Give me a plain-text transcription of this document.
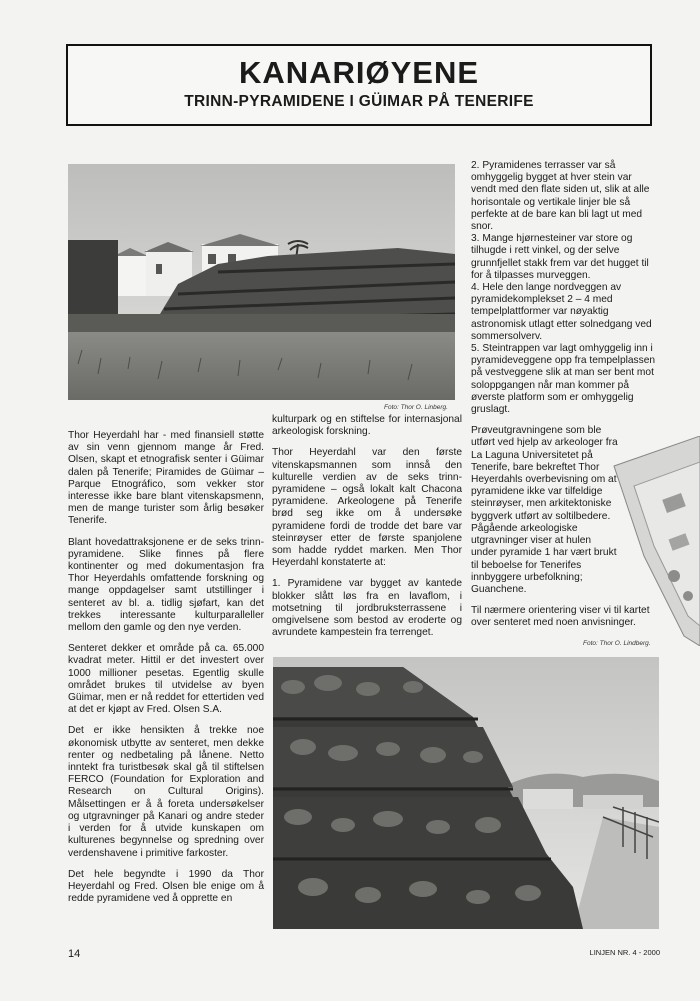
KANARIØYENE
TRINN-PYRAMIDENE I GÜIMAR PÅ TENERIFE
Foto: Thor O. Linberg.

Thor Heyerdahl har - med finansiell støtte av sin venn gjennom mange år Fred. Olsen, skapt et etnografisk senter i Güimar dalen på Tenerife; Piramides de Güimar – Parque Etnográfico, som vekker stor interesse ikke bare blant vitenskapsmenn, men de mange turister som årlig besøker Tenerife.

Blant hovedattraksjonene er de seks trinn-pyramidene. Slike finnes på flere kontinenter og med dokumentasjon fra Thor Heyerdahls omfattende forskning og mange oppdagelser samt utstillinger i senteret av bl. a. tidlig sjøfart, kan det trekkes interessante kulturparalleller mellom den gamle og den nye verden.

Senteret dekker et område på ca. 65.000 kvadrat meter. Hittil er det investert over 1000 millioner pesetas. Egentlig skulle området brukes til utvidelse av byen Güimar, men er nå reddet for ettertiden ved at det er kjøpt av Fred. Olsen S.A.

Det er ikke hensikten å trekke noe økonomisk utbytte av senteret, men dekke renter og nedbetaling på lånene. Netto inntekt fra turistbesøk skal gå til stiftelsen FERCO (Foundation for Exploration and Research on Cultural Origins). Målsettingen er å å foreta undersøkelser og utgravninger på Kanari og andre steder i verden for å utvide kunskapen om kulturenes begynnelse og spredning over verdenshavene i primitive farkoster.

Det hele begyndte i 1990 da Thor Heyerdahl og Fred. Olsen ble enige om å redde pyramidene ved å opprette en

kulturpark og en stiftelse for internasjonal arkeologisk forskning.

Thor Heyerdahl var den første vitenskapsmannen som innså den kulturelle verdien av de seks trinn-pyramidene – også lokalt kalt Chacona pyramidene. Arkeologene på Tenerife brød seg ikke om å undersøke pyramidene fordi de trodde det bare var steinrøyser etter de første spanjolene som hadde ryddet marken. Men Thor Heyerdahl konstaterte at:

1. Pyramidene var bygget av kantede blokker slått løs fra en lavaflom, i motsetning til jordbruksterrassene i omgivelsene som bestod av eroderte og avrundete kampestein fra terrenget.

2. Pyramidenes terrasser var så omhyggelig bygget at hver stein var vendt med den flate siden ut, slik at alle horisontale og vertikale linjer ble så perfekte at de bare kan bli lagt ut med snor.
3. Mange hjørnesteiner var store og tilhugde i rett vinkel, og der selve grunnfjellet stakk frem var det hugget til for å tilpasses murveggen.
4. Hele den lange nordveggen av pyramidekomplekset 2 – 4 med tempelplattformer var nøyaktig astronomisk utlagt etter solnedgang ved sommersolverv.
5. Steintrappen var lagt omhyggelig inn i pyramideveggene opp fra tempelplassen på vestveggene slik at man ser bent mot soloppgangen når man kommer på øverste platform som er omhyggelig gruslagt.

Prøveutgravningene som ble utført ved hjelp av arkeologer fra La Laguna Universitetet på Tenerife, bare bekreftet Thor Heyerdahls overbevisning om at pyramidene ikke var tilfeldige steinrøyser, men arkitektoniske byggverk utført av soltilbedere. Pågående arkeologiske utgravninger viser at hulen under pyramide 1 har vært brukt til beboelse for Tenerifes innbyggere urbefolkning; Guanchene.

Til nærmere orientering viser vi til kartet over senteret med noen anvisninger.

Foto: Thor O. Lindberg.
14	LINJEN NR. 4 - 2000
